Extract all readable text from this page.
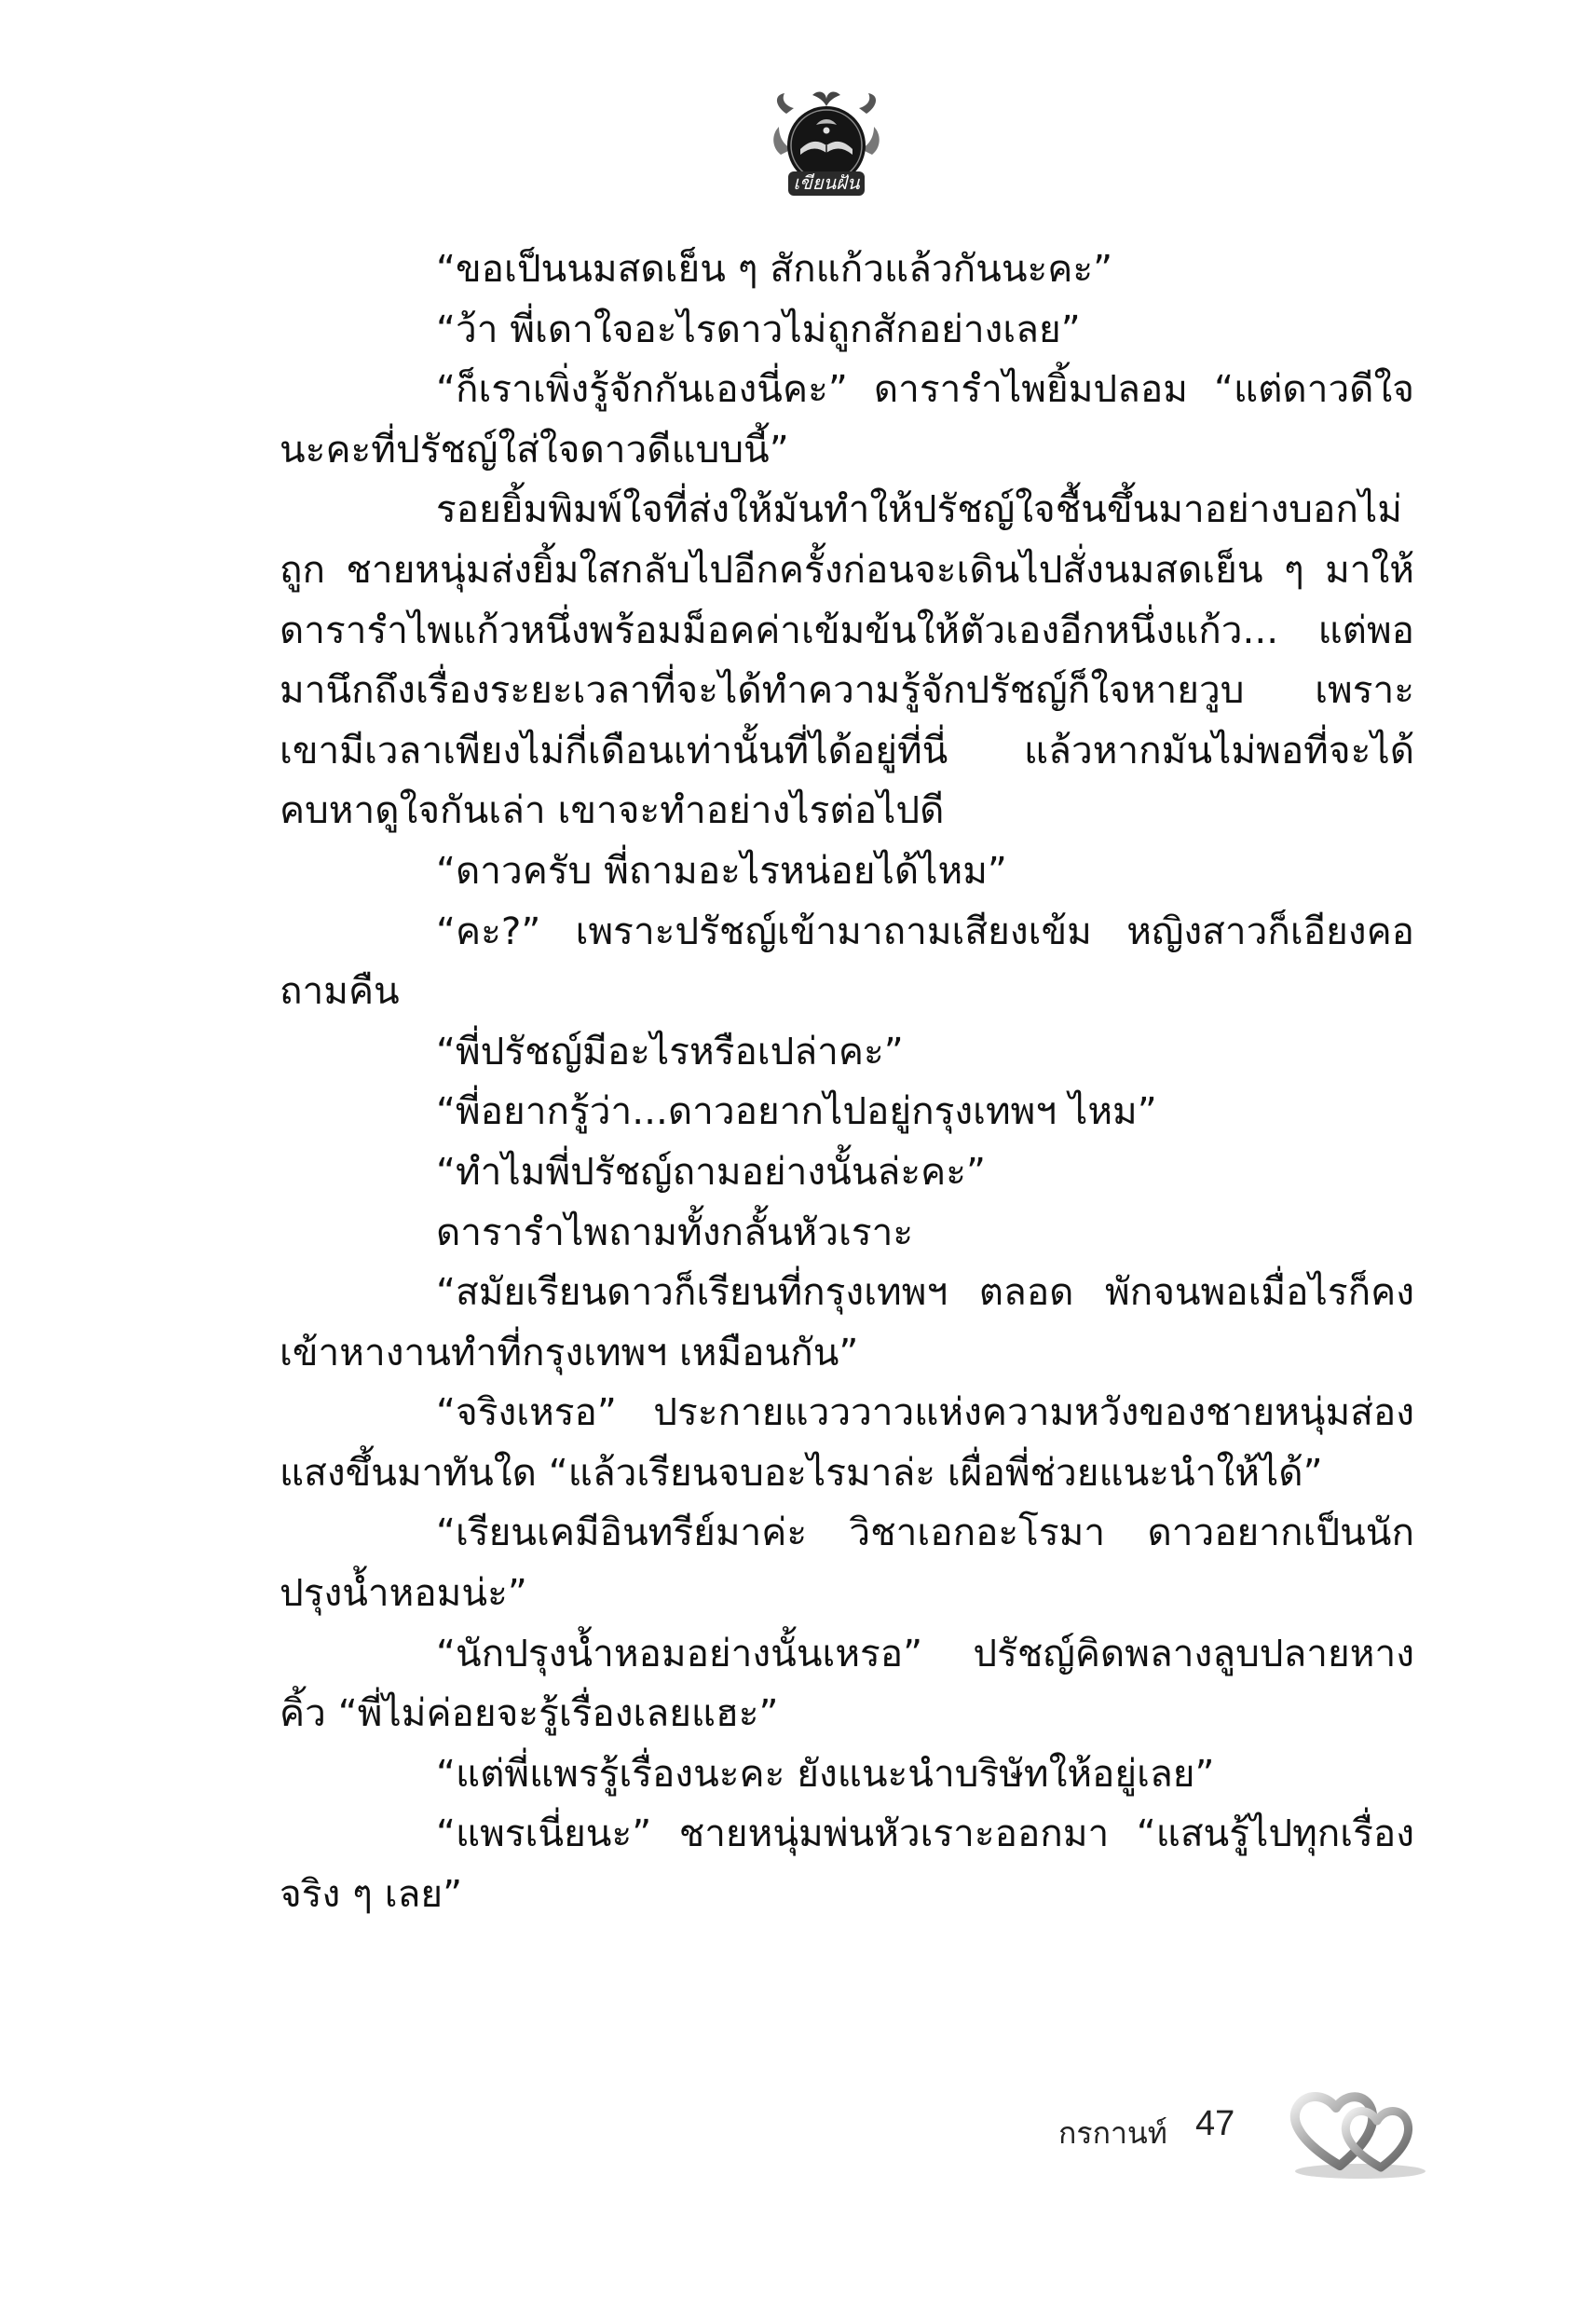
เขียนฝัน

“ขอเป็นนมสดเย็น ๆ สักแก้วแล้วกันนะคะ”

“ว้า พี่เดาใจอะไรดาวไม่ถูกสักอย่างเลย”

“ก็เราเพิ่งรู้จักกันเองนี่คะ” ดารารำไพยิ้มปลอม “แต่ดาวดีใจนะคะที่ปรัชญ์ใส่ใจดาวดีแบบนี้”

รอยยิ้มพิมพ์ใจที่ส่งให้มันทำให้ปรัชญ์ใจชื้นขึ้นมาอย่างบอกไม่ถูก ชายหนุ่มส่งยิ้มใสกลับไปอีกครั้งก่อนจะเดินไปสั่งนมสดเย็น ๆ มาให้ดารารำไพแก้วหนึ่งพร้อมม็อคค่าเข้มข้นให้ตัวเองอีกหนึ่งแก้ว... แต่พอมานึกถึงเรื่องระยะเวลาที่จะได้ทำความรู้จักปรัชญ์ก็ใจหายวูบ เพราะเขามีเวลาเพียงไม่กี่เดือนเท่านั้นที่ได้อยู่ที่นี่ แล้วหากมันไม่พอที่จะได้คบหาดูใจกันเล่า เขาจะทำอย่างไรต่อไปดี

“ดาวครับ พี่ถามอะไรหน่อยได้ไหม”

“คะ?” เพราะปรัชญ์เข้ามาถามเสียงเข้ม หญิงสาวก็เอียงคอถามคืน

“พี่ปรัชญ์มีอะไรหรือเปล่าคะ”

“พี่อยากรู้ว่า...ดาวอยากไปอยู่กรุงเทพฯ ไหม”

“ทำไมพี่ปรัชญ์ถามอย่างนั้นล่ะคะ”

ดารารำไพถามทั้งกลั้นหัวเราะ

“สมัยเรียนดาวก็เรียนที่กรุงเทพฯ ตลอด พักจนพอเมื่อไรก็คงเข้าหางานทำที่กรุงเทพฯ เหมือนกัน”

“จริงเหรอ” ประกายแวววาวแห่งความหวังของชายหนุ่มส่องแสงขึ้นมาทันใด “แล้วเรียนจบอะไรมาล่ะ เผื่อพี่ช่วยแนะนำให้ได้”

“เรียนเคมีอินทรีย์มาค่ะ วิชาเอกอะโรมา ดาวอยากเป็นนักปรุงน้ำหอมน่ะ”

“นักปรุงน้ำหอมอย่างนั้นเหรอ” ปรัชญ์คิดพลางลูบปลายหางคิ้ว “พี่ไม่ค่อยจะรู้เรื่องเลยแฮะ”

“แต่พี่แพรรู้เรื่องนะคะ ยังแนะนำบริษัทให้อยู่เลย”

“แพรเนี่ยนะ” ชายหนุ่มพ่นหัวเราะออกมา “แสนรู้ไปทุกเรื่องจริง ๆ เลย”

กรกานท์ 47
